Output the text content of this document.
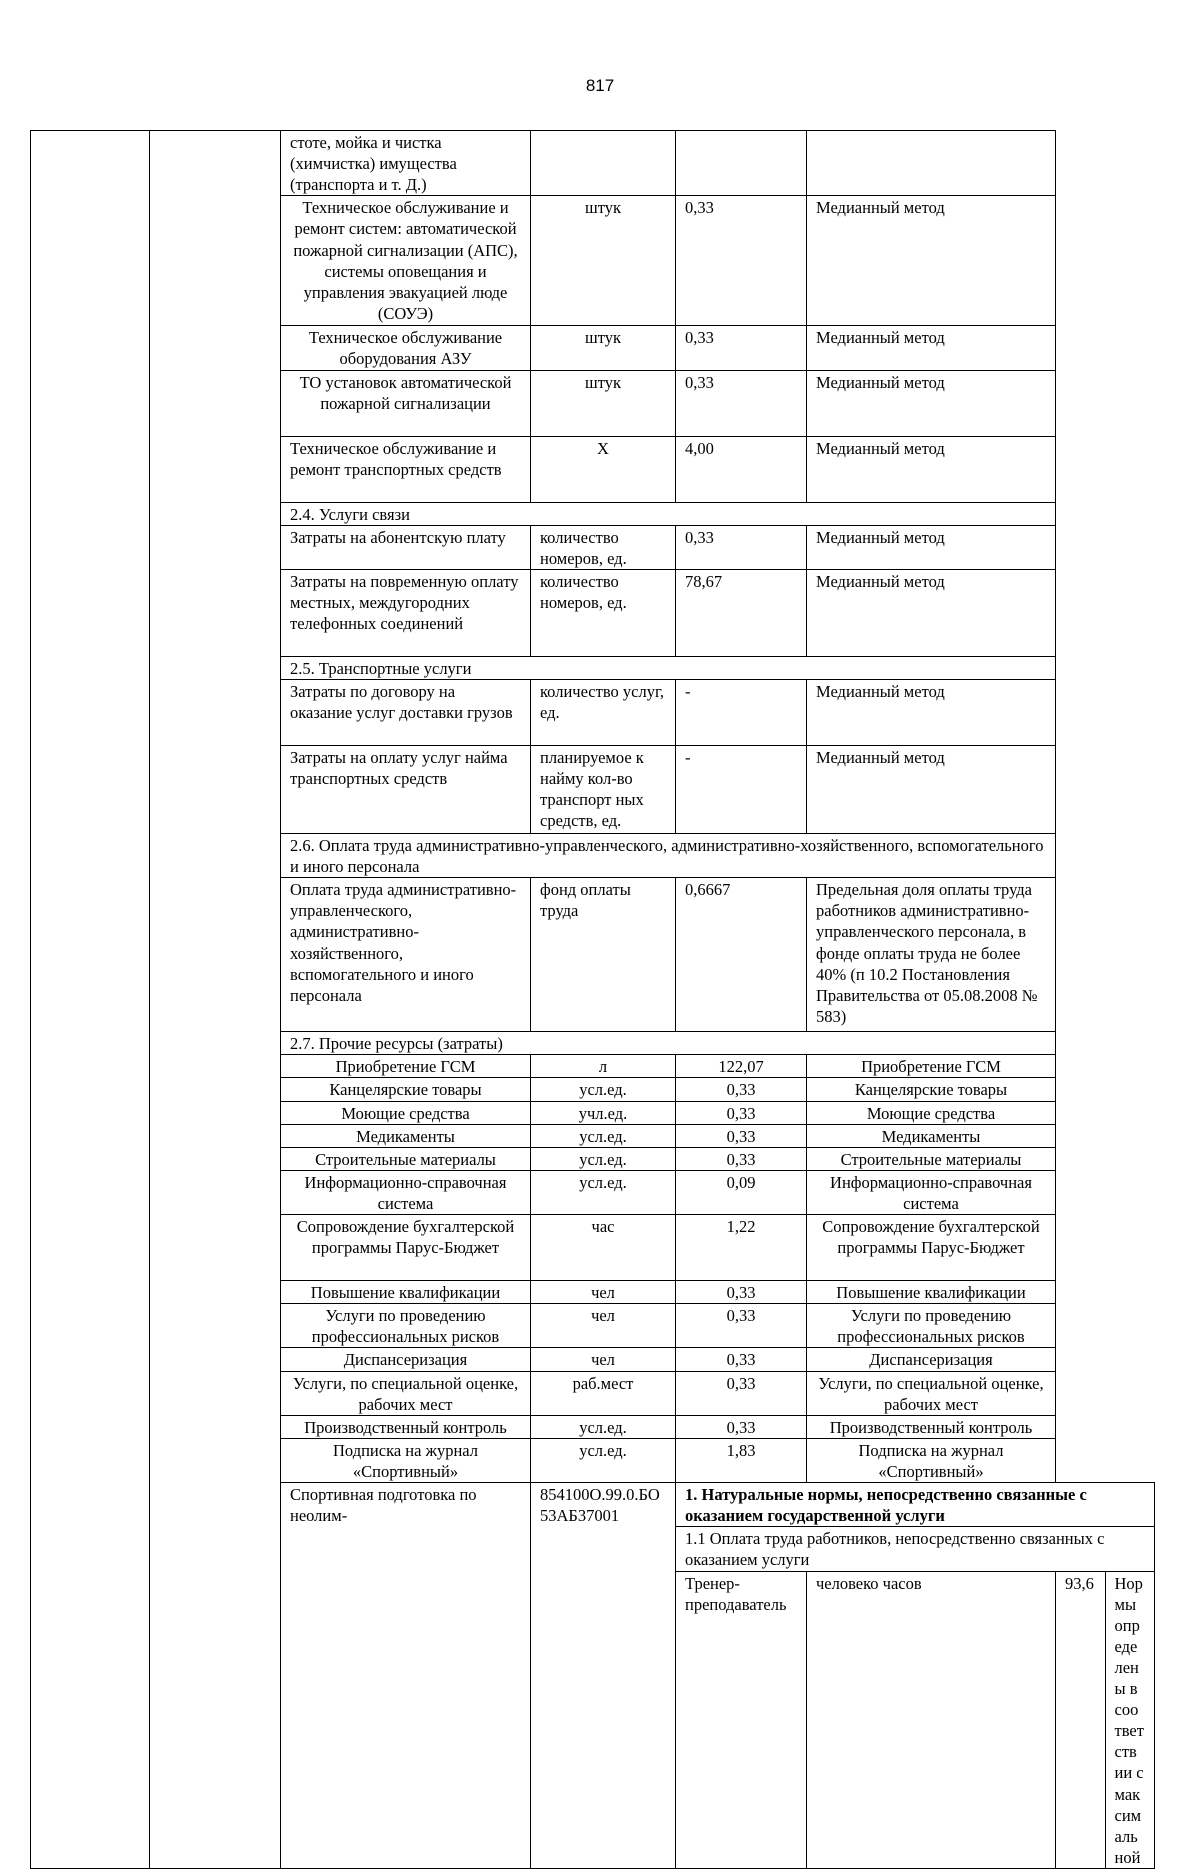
817
		стоте, мойка и чистка (химчистка) имущества (транспорта и т. Д.)					
		Техническое обслуживание и ремонт систем: автоматической пожарной сигнализации (АПС), системы оповещания и управления эвакуацией люде (СОУЭ)	штук	0,33	Медианный метод		
		Техническое обслуживание оборудования АЗУ	штук	0,33	Медианный метод		
		ТО установок автоматической пожарной сигнализации	штук	0,33	Медианный метод		
		Техническое обслуживание и ремонт транспортных средств	X	4,00	Медианный метод		
		2.4. Услуги связи					
		Затраты на абонентскую плату	количество номеров, ед.	0,33	Медианный метод		
		Затраты на повременную оплату местных, междугородних телефонных соединений	количество номеров, ед.	78,67	Медианный метод		
		2.5. Транспортные услуги					
		Затраты по договору на оказание услуг доставки грузов	количество услуг, ед.	-	Медианный метод		
		Затраты на оплату услуг найма транспортных средств	планируемое к найму кол-во транспорт ных средств, ед.	-	Медианный метод		
		2.6. Оплата труда административно-управленческого, административно-хозяйственного, вспомогательного и иного персонала					
		Оплата труда административно-управленческого, административно-хозяйственного, вспомогательного и иного персонала	фонд оплаты труда	0,6667	Предельная доля оплаты труда работников административно-управленческого персонала, в фонде оплаты труда не более 40% (п 10.2 Постановления Правительства от 05.08.2008 № 583)		
		2.7. Прочие ресурсы (затраты)					
		Приобретение ГСМ	л	122,07	Приобретение ГСМ		
		Канцелярские товары	усл.ед.	0,33	Канцелярские товары		
		Моющие средства	учл.ед.	0,33	Моющие средства		
		Медикаменты	усл.ед.	0,33	Медикаменты		
		Строительные материалы	усл.ед.	0,33	Строительные материалы		
		Информационно-справочная система	усл.ед.	0,09	Информационно-справочная система		
		Сопровождение бухгалтерской программы Парус-Бюджет	час	1,22	Сопровождение бухгалтерской программы Парус-Бюджет		
		Повышение квалификации	чел	0,33	Повышение квалификации		
		Услуги по проведению профессиональных рисков	чел	0,33	Услуги по проведению профессиональных рисков		
		Диспансеризация	чел	0,33	Диспансеризация		
		Услуги, по специальной оценке, рабочих мест	раб.мест	0,33	Услуги, по специальной оценке, рабочих мест		
		Производственный контроль	усл.ед.	0,33	Производственный контроль		
		Подписка на журнал «Спортивный»	усл.ед.	1,83	Подписка на журнал «Спортивный»		
		Спортивная подготовка по неолим-	854100О.99.0.БО53АБ37001	1. Натуральные нормы, непосредственно связанные с оказанием государственной услуги			
				1.1 Оплата труда работников, непосредственно связанных с оказанием услуги			
				Тренер-преподаватель	человеко часов	93,6	Нормы определены в соответствии с максимальной
